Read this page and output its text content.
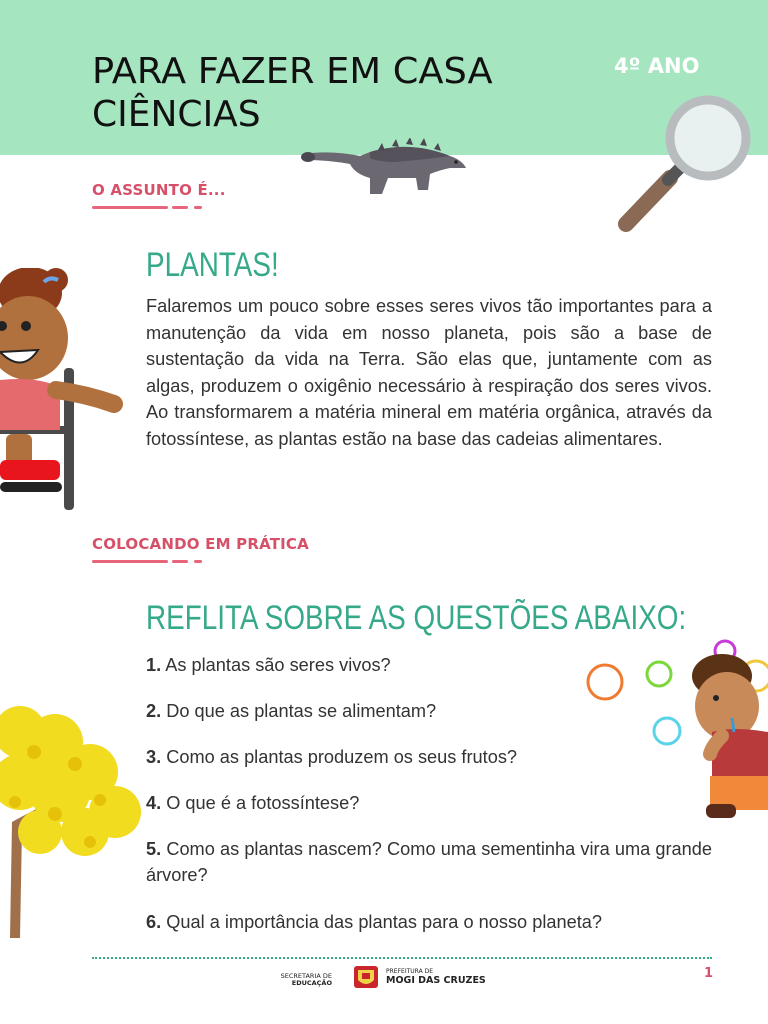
PARA FAZER EM CASA
CIÊNCIAS
4º ANO
O ASSUNTO É...
PLANTAS!

Falaremos um pouco sobre esses seres vivos tão importantes para a manutenção da vida em nosso planeta, pois são a base de sustentação da vida na Terra. São elas que, juntamente com as algas, produzem o oxigênio necessário à respiração dos seres vivos. Ao transformarem a matéria mineral em matéria orgânica, através da fotossíntese, as plantas estão na base das cadeias alimentares.

COLOCANDO EM PRÁTICA
REFLITA SOBRE AS QUESTÕES ABAIXO:

1. As plantas são seres vivos?

2. Do que as plantas se alimentam?

3. Como as plantas produzem os seus frutos?

4. O que é a fotossíntese?

5. Como as plantas nascem? Como uma sementinha vira uma grande árvore?

6. Qual a importância das plantas para o nosso planeta?

SECRETARIA DE
EDUCAÇÃO
PREFEITURA DE
MOGI DAS CRUZES	1
